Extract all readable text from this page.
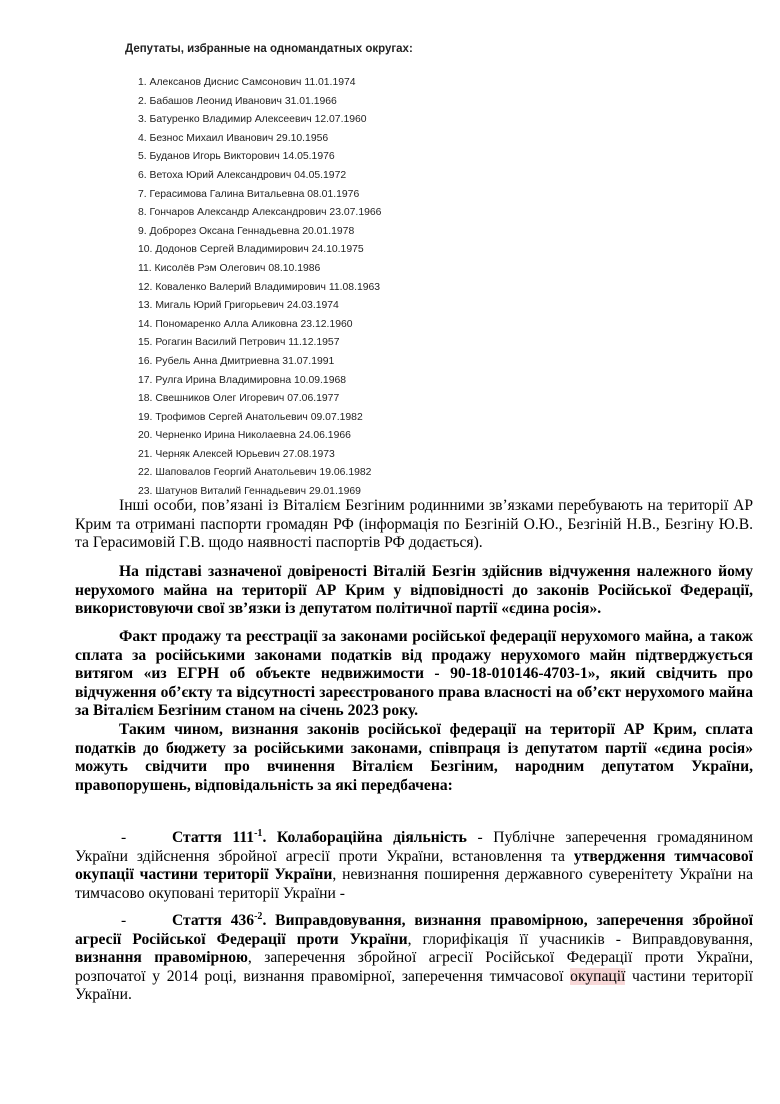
Депутаты, избранные на одномандатных округах:
1. Алексанов Диснис Самсонович 11.01.1974
2. Бабашов Леонид Иванович 31.01.1966
3. Батуренко Владимир Алексеевич 12.07.1960
4. Безнос Михаил Иванович 29.10.1956
5. Буданов Игорь Викторович 14.05.1976
6. Ветоха Юрий Александрович 04.05.1972
7. Герасимова Галина Витальевна 08.01.1976
8. Гончаров Александр Александрович 23.07.1966
9. Доброрез Оксана Геннадьевна 20.01.1978
10. Додонов Сергей Владимирович 24.10.1975
11. Кисолёв Рэм Олегович 08.10.1986
12. Коваленко Валерий Владимирович 11.08.1963
13. Мигаль Юрий Григорьевич 24.03.1974
14. Пономаренко Алла Аликовна 23.12.1960
15. Рогагин Василий Петрович 11.12.1957
16. Рубель Анна Дмитриевна 31.07.1991
17. Рулга Ирина Владимировна 10.09.1968
18. Свешников Олег Игоревич 07.06.1977
19. Трофимов Сергей Анатольевич 09.07.1982
20. Черненко Ирина Николаевна 24.06.1966
21. Черняк Алексей Юрьевич 27.08.1973
22. Шаповалов Георгий Анатольевич 19.06.1982
23. Шатунов Виталий Геннадьевич 29.01.1969

Інші особи, пов’язані із Віталієм Безгіним родинними зв’язками перебувають на території АР Крим та отримані паспорти громадян РФ (інформація по Безгіній О.Ю., Безгіній Н.В., Безгіну Ю.В. та Герасимовій Г.В. щодо наявності паспортів РФ додається).

На підставі зазначеної довіреності Віталій Безгін здійснив відчуження належного йому нерухомого майна на території АР Крим у відповідності до законів Російської Федерації, використовуючи свої зв’язки із депутатом політичної партії «єдина росія».

Факт продажу та реєстрації за законами російської федерації нерухомого майна, а також сплата за російськими законами податків від продажу нерухомого майн підтверджується витягом «из ЕГРН об объекте недвижимости - 90-18-010146-4703-1», який свідчить про відчуження об’єкту та відсутності зареєстрованого права власності на об’єкт нерухомого майна за Віталієм Безгіним станом на січень 2023 року.

Таким чином, визнання законів російської федерації на території АР Крим, сплата податків до бюджету за російськими законами, співпраця із депутатом партії «єдина росія» можуть свідчити про вчинення Віталієм Безгіним, народним депутатом України, правопорушень, відповідальність за які передбачена:

-	Стаття $111^{-1}$. Колабораційна діяльність - Публічне заперечення громадянином України здійснення збройної агресії проти України, встановлення та утвердження тимчасової окупації частини території України, невизнання поширення державного суверенітету України на тимчасово окуповані території України -

-	Стаття $436^{-2}$. Виправдовування, визнання правомірною, заперечення збройної агресії Російської Федерації проти України, глорифікація її учасників - Виправдовування, визнання правомірною, заперечення збройної агресії Російської Федерації проти України, розпочатої у 2014 році, визнання правомірної, заперечення тимчасової окупації частини території України.
